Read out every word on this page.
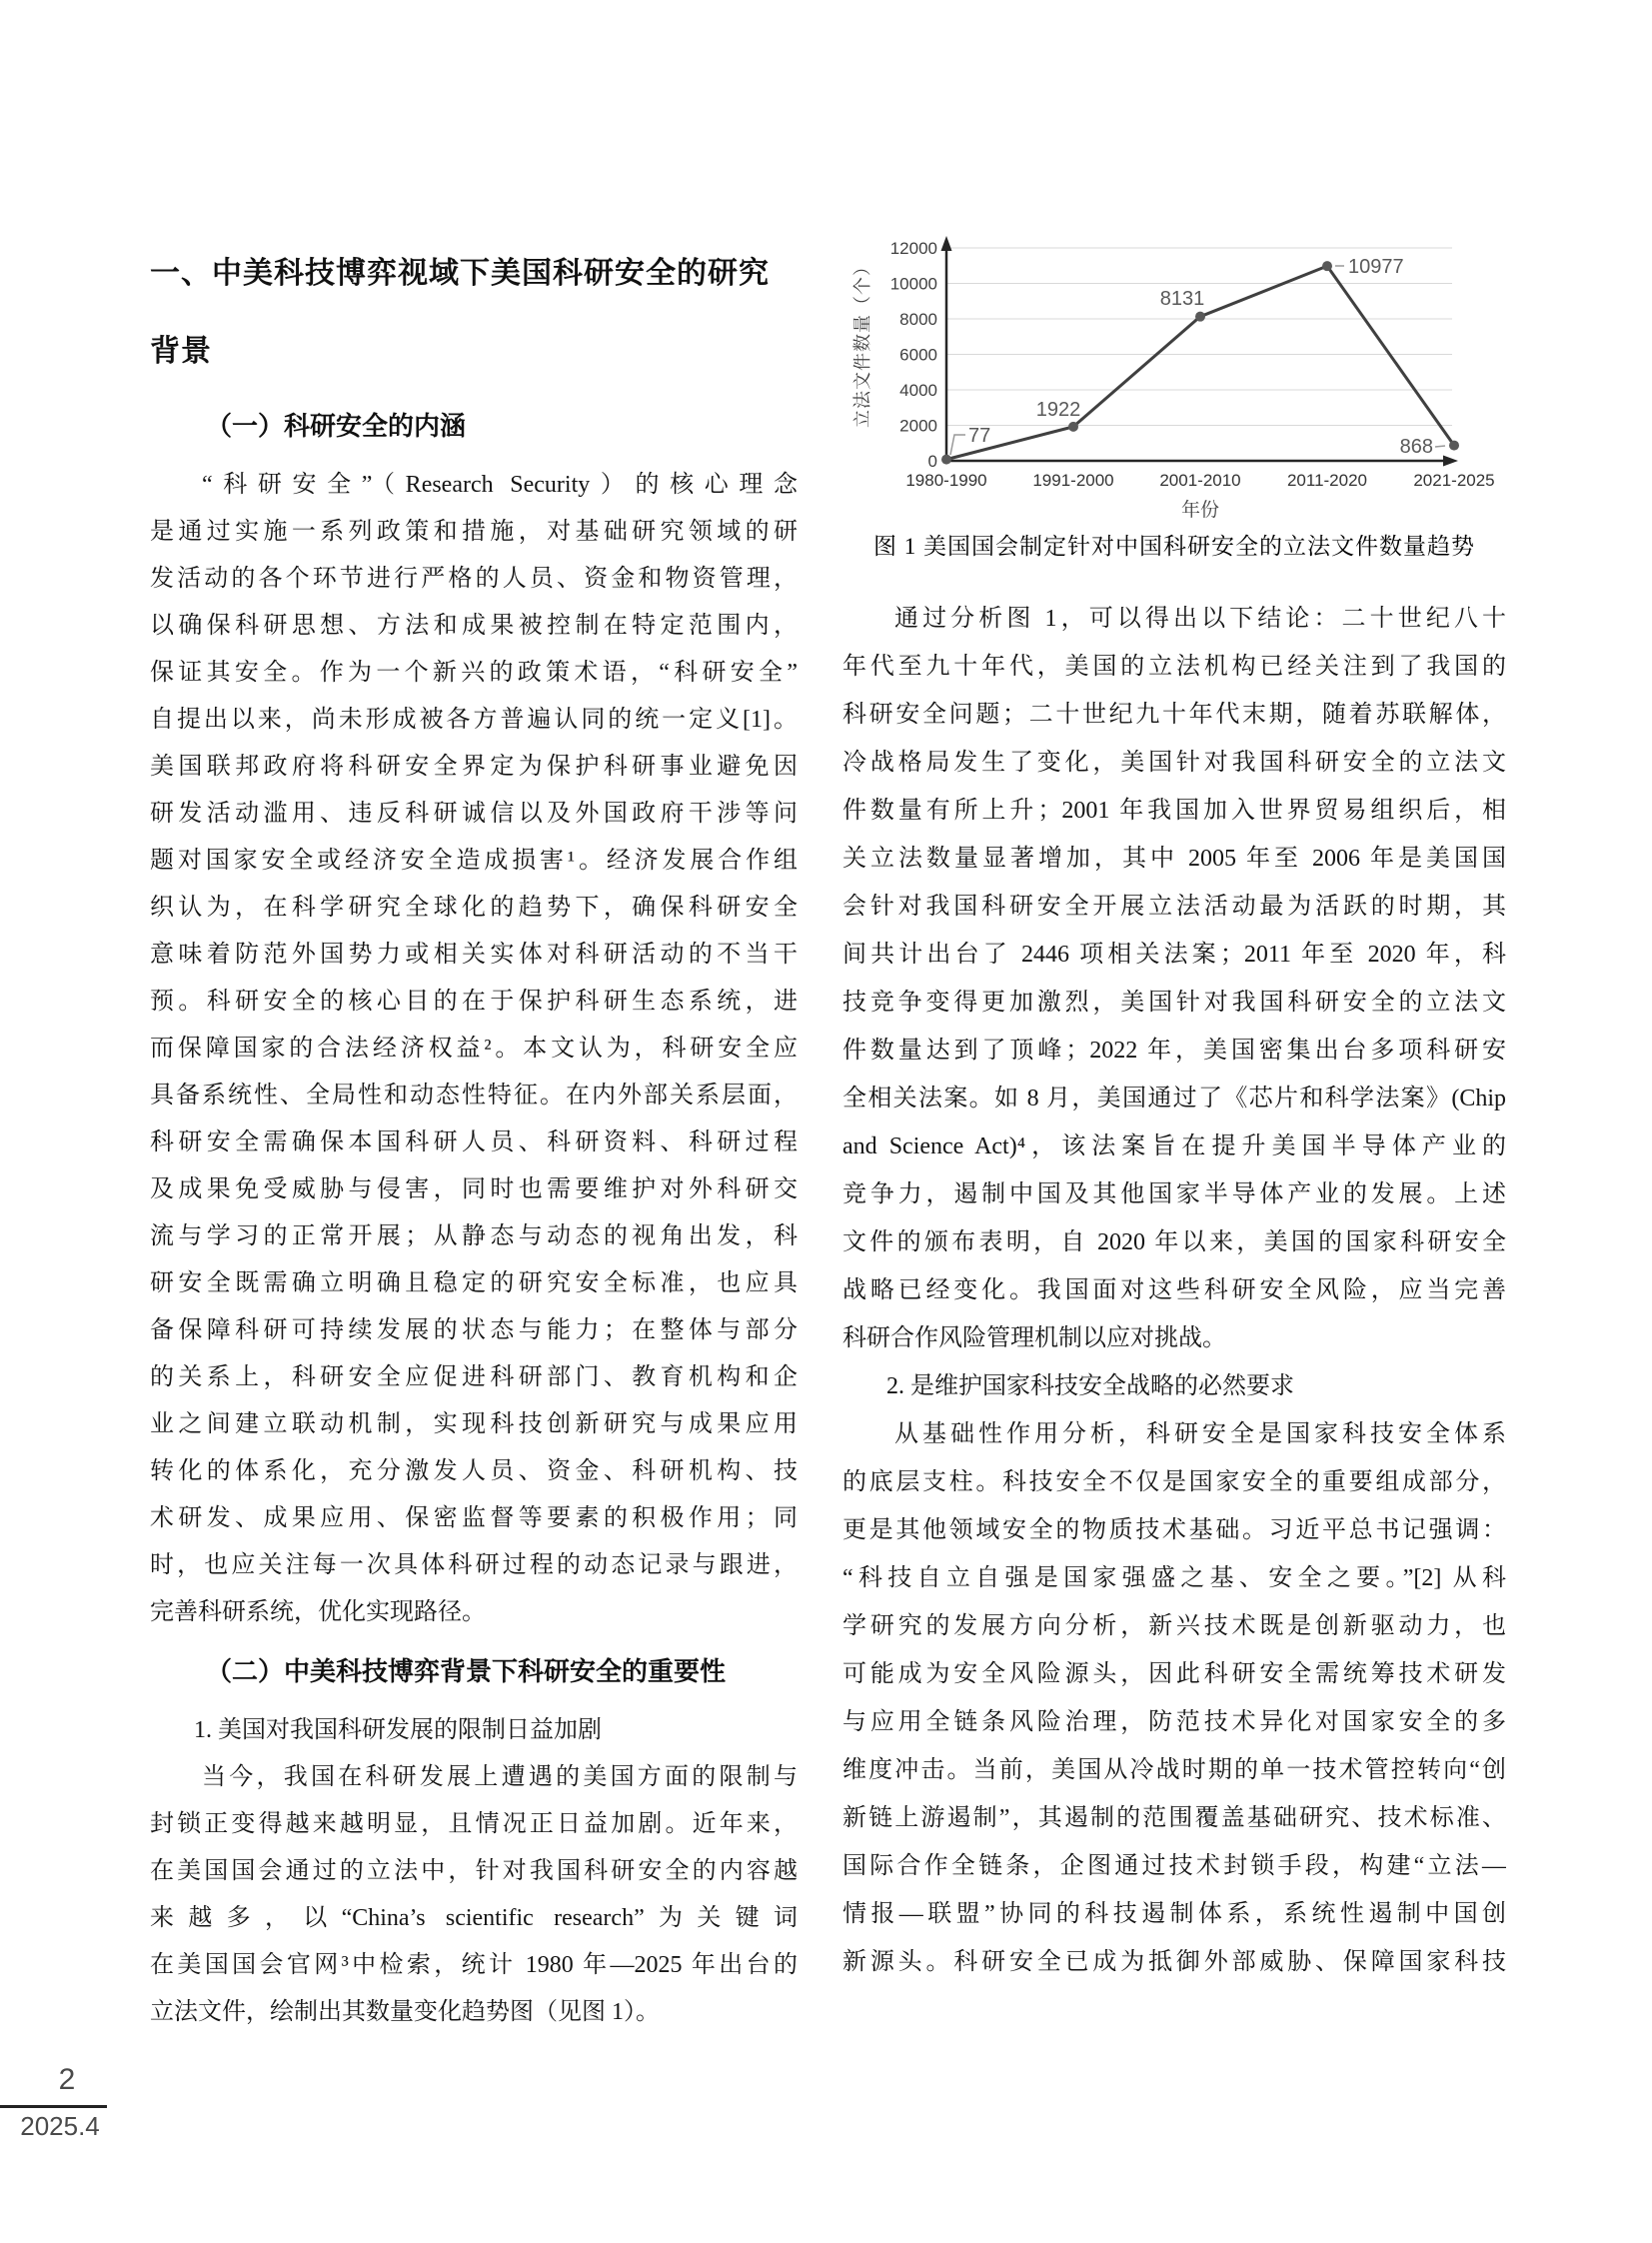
一、中美科技博弈视域下美国科研安全的研究
背景
（一）科研安全的内涵
“科研安全”（Research Security）的核心理念
是通过实施一系列政策和措施，对基础研究领域的研
发活动的各个环节进行严格的人员、资金和物资管理，
以确保科研思想、方法和成果被控制在特定范围内，
保证其安全。作为一个新兴的政策术语，“科研安全”
自提出以来，尚未形成被各方普遍认同的统一定义[1]。
美国联邦政府将科研安全界定为保护科研事业避免因
研发活动滥用、违反科研诚信以及外国政府干涉等问
题对国家安全或经济安全造成损害¹。经济发展合作组
织认为，在科学研究全球化的趋势下，确保科研安全
意味着防范外国势力或相关实体对科研活动的不当干
预。科研安全的核心目的在于保护科研生态系统，进
而保障国家的合法经济权益²。本文认为，科研安全应
具备系统性、全局性和动态性特征。在内外部关系层面，
科研安全需确保本国科研人员、科研资料、科研过程
及成果免受威胁与侵害，同时也需要维护对外科研交
流与学习的正常开展；从静态与动态的视角出发，科
研安全既需确立明确且稳定的研究安全标准，也应具
备保障科研可持续发展的状态与能力；在整体与部分
的关系上，科研安全应促进科研部门、教育机构和企
业之间建立联动机制，实现科技创新研究与成果应用
转化的体系化，充分激发人员、资金、科研机构、技
术研发、成果应用、保密监督等要素的积极作用；同
时，也应关注每一次具体科研过程的动态记录与跟进，
完善科研系统，优化实现路径。
（二）中美科技博弈背景下科研安全的重要性
1. 美国对我国科研发展的限制日益加剧
当今，我国在科研发展上遭遇的美国方面的限制与
封锁正变得越来越明显，且情况正日益加剧。近年来，
在美国国会通过的立法中，针对我国科研安全的内容越
来越多，以“China’s scientific research”为关键词
在美国国会官网³中检索，统计 1980 年—2025 年出台的
立法文件，绘制出其数量变化趋势图（见图 1）。
0
2000
4000
6000
8000
10000
12000
77
1922
8131
10977
868
1980-1990	1991-2000	2001-2010	2011-2020	2021-2025
年份
立法文件数量（个）
图 1 美国国会制定针对中国科研安全的立法文件数量趋势
通过分析图 1，可以得出以下结论：二十世纪八十
年代至九十年代，美国的立法机构已经关注到了我国的
科研安全问题；二十世纪九十年代末期，随着苏联解体，
冷战格局发生了变化，美国针对我国科研安全的立法文
件数量有所上升；2001 年我国加入世界贸易组织后，相
关立法数量显著增加，其中 2005 年至 2006 年是美国国
会针对我国科研安全开展立法活动最为活跃的时期，其
间共计出台了 2446 项相关法案；2011 年至 2020 年，科
技竞争变得更加激烈，美国针对我国科研安全的立法文
件数量达到了顶峰；2022 年，美国密集出台多项科研安
全相关法案。如 8 月，美国通过了《芯片和科学法案》(Chip
and Science Act)⁴，该法案旨在提升美国半导体产业的
竞争力，遏制中国及其他国家半导体产业的发展。上述
文件的颁布表明，自 2020 年以来，美国的国家科研安全
战略已经变化。我国面对这些科研安全风险，应当完善
科研合作风险管理机制以应对挑战。
2. 是维护国家科技安全战略的必然要求
从基础性作用分析，科研安全是国家科技安全体系
的底层支柱。科技安全不仅是国家安全的重要组成部分，
更是其他领域安全的物质技术基础。习近平总书记强调：
“科技自立自强是国家强盛之基、安全之要。”[2] 从科
学研究的发展方向分析，新兴技术既是创新驱动力，也
可能成为安全风险源头，因此科研安全需统筹技术研发
与应用全链条风险治理，防范技术异化对国家安全的多
维度冲击。当前，美国从冷战时期的单一技术管控转向“创
新链上游遏制”，其遏制的范围覆盖基础研究、技术标准、
国际合作全链条，企图通过技术封锁手段，构建“立法—
情报—联盟”协同的科技遏制体系，系统性遏制中国创
新源头。科研安全已成为抵御外部威胁、保障国家科技
2
2025.4
